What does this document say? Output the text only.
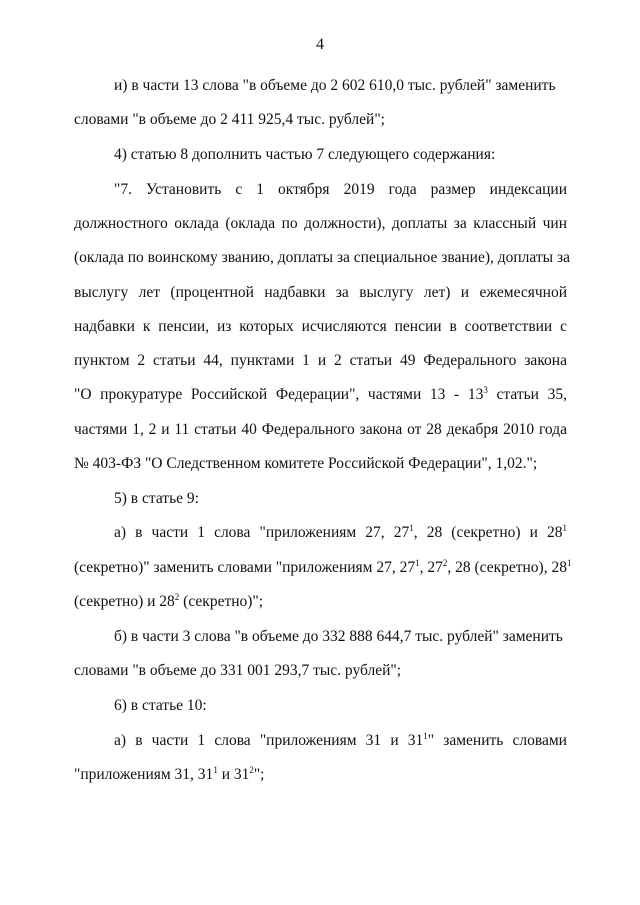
4
и) в части 13 слова "в объеме до 2 602 610,0 тыс. рублей" заменить
словами "в объеме до 2 411 925,4 тыс. рублей";
4) статью 8 дополнить частью 7 следующего содержания:
"7. Установить с 1 октября 2019 года размер индексации
должностного оклада (оклада по должности), доплаты за классный чин
(оклада по воинскому званию, доплаты за специальное звание), доплаты за
выслугу лет (процентной надбавки за выслугу лет) и ежемесячной
надбавки к пенсии, из которых исчисляются пенсии в соответствии с
пунктом 2 статьи 44, пунктами 1 и 2 статьи 49 Федерального закона
"О прокуратуре Российской Федерации", частями $13 - 13^3$ статьи 35,
частями 1, 2 и 11 статьи 40 Федерального закона от 28 декабря 2010 года
№ 403-ФЗ "О Следственном комитете Российской Федерации", 1,02.";
5) в статье 9:
а) в части 1 слова "приложениям 27, $27^1$, 28 (секретно) и $28^1$
(секретно)" заменить словами "приложениям 27, $27^1$, $27^2$, 28 (секретно), $28^1$
(секретно) и $28^2$ (секретно)";
б) в части 3 слова "в объеме до 332 888 644,7 тыс. рублей" заменить
словами "в объеме до 331 001 293,7 тыс. рублей";
6) в статье 10:
а) в части 1 слова "приложениям 31 и $31^1$" заменить словами
"приложениям 31, $31^1$ и $31^2$";
